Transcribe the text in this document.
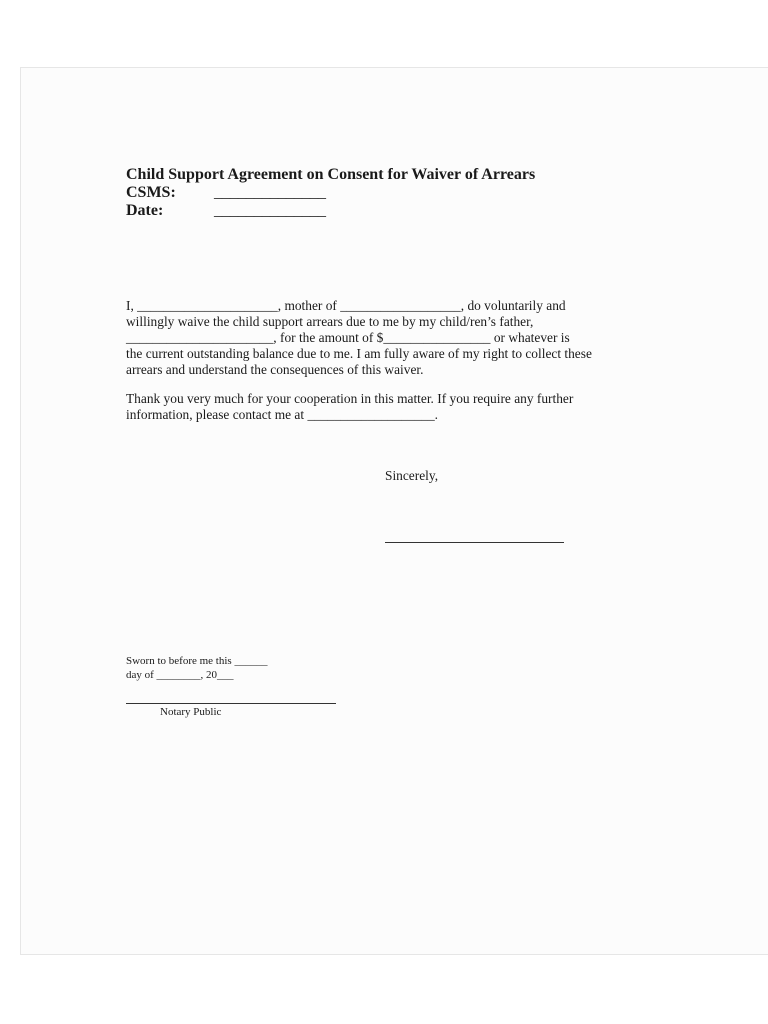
Child Support Agreement on Consent for Waiver of Arrears
CSMS: ______________
Date:	______________
I, _____________________, mother of __________________, do voluntarily and
willingly waive the child support arrears due to me by my child/ren’s father,
______________________, for the amount of $________________ or whatever is
the current outstanding balance due to me. I am fully aware of my right to collect these
arrears and understand the consequences of this waiver.
Thank you very much for your cooperation in this matter. If you require any further
information, please contact me at ___________________.
Sincerely,
Sworn to before me this ______
day of ________, 20___
Notary Public
